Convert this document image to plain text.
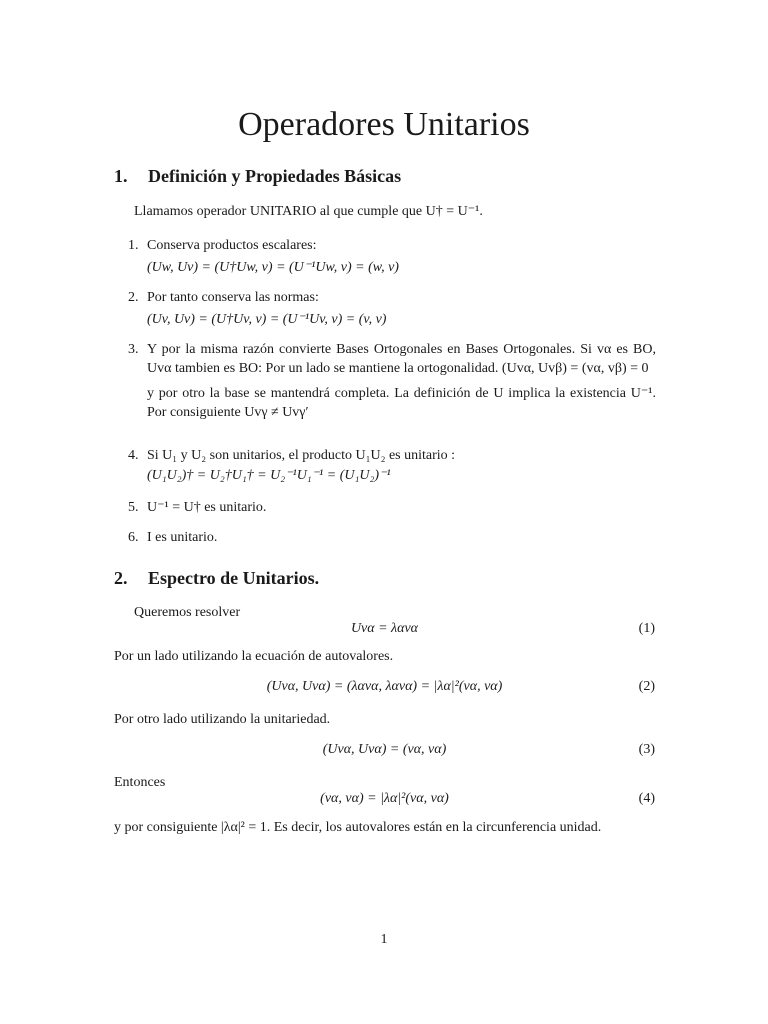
Operadores Unitarios
1. Definición y Propiedades Básicas
Llamamos operador UNITARIO al que cumple que U† = U⁻¹.
1. Conserva productos escalares:
(Uw, Uv) = (U†Uw, v) = (U⁻¹Uw, v) = (w, v)
2. Por tanto conserva las normas:
(Uv, Uv) = (U†Uv, v) = (U⁻¹Uv, v) = (v, v)
3. Y por la misma razón convierte Bases Ortogonales en Bases Ortogonales. Si vα es BO, Uvα tambien es BO: Por un lado se mantiene la ortogonalidad. (Uvα, Uvβ) = (vα, vβ) = 0
y por otro la base se mantendrá completa. La definición de U implica la existencia U⁻¹. Por consiguiente Uvγ ≠ Uvγ′
4. Si U₁ y U₂ son unitarios, el producto U₁U₂ es unitario :
(U₁U₂)† = U₂†U₁† = U₂⁻¹U₁⁻¹ = (U₁U₂)⁻¹
5. U⁻¹ = U† es unitario.
6. I es unitario.
2. Espectro de Unitarios.
Queremos resolver
Uvα = λαvα	(1)
Por un lado utilizando la ecuación de autovalores.
(Uvα, Uvα) = (λαvα, λαvα) = |λα|²(vα, vα)	(2)
Por otro lado utilizando la unitariedad.
(Uvα, Uvα) = (vα, vα)	(3)
Entonces
(vα, vα) = |λα|²(vα, vα)	(4)
y por consiguiente |λα|² = 1. Es decir, los autovalores están en la circunferencia unidad.
1
